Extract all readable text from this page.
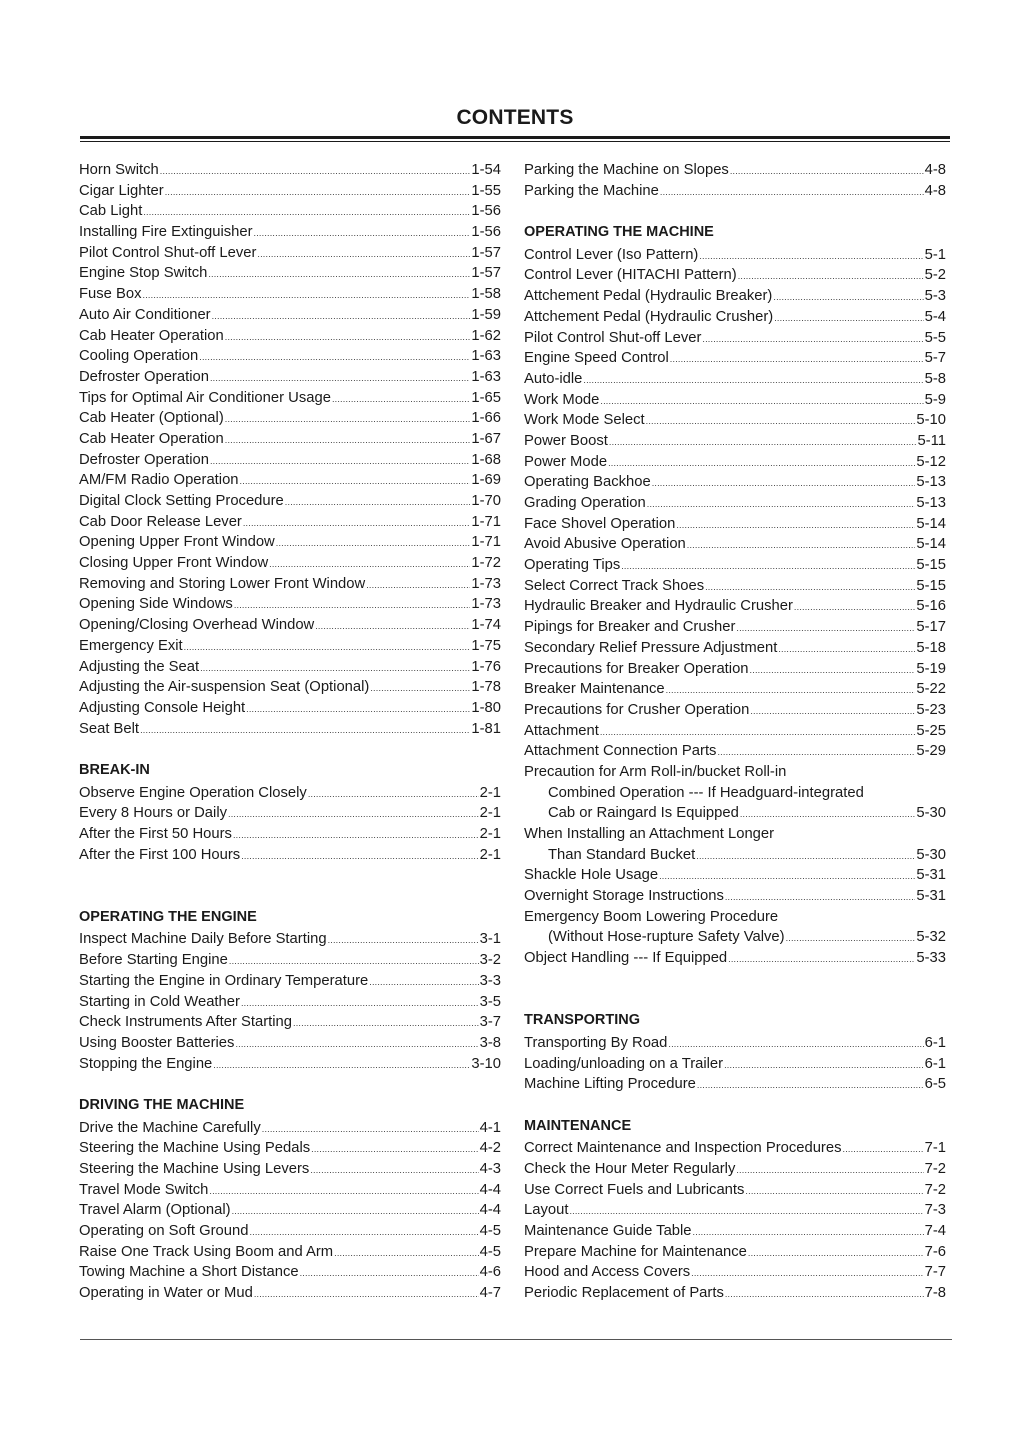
CONTENTS
Horn Switch .....	1-54
Cigar Lighter .....	1-55
Cab Light .....	1-56
Installing Fire Extinguisher .....	1-56
Pilot Control Shut-off Lever .....	1-57
Engine Stop Switch .....	1-57
Fuse Box .....	1-58
Auto Air Conditioner .....	1-59
Cab Heater Operation .....	1-62
Cooling Operation .....	1-63
Defroster Operation .....	1-63
Tips for Optimal Air Conditioner Usage .....	1-65
Cab Heater (Optional) .....	1-66
Cab Heater Operation .....	1-67
Defroster Operation .....	1-68
AM/FM Radio Operation .....	1-69
Digital Clock Setting Procedure .....	1-70
Cab Door Release Lever .....	1-71
Opening Upper Front Window .....	1-71
Closing Upper Front Window .....	1-72
Removing and Storing Lower Front Window .....	1-73
Opening Side Windows .....	1-73
Opening/Closing Overhead Window .....	1-74
Emergency Exit .....	1-75
Adjusting the Seat .....	1-76
Adjusting the Air-suspension Seat (Optional) .....	1-78
Adjusting Console Height .....	1-80
Seat Belt .....	1-81
BREAK-IN
Observe Engine Operation Closely .....	2-1
Every 8 Hours or Daily .....	2-1
After the First 50 Hours .....	2-1
After the First 100 Hours .....	2-1
OPERATING THE ENGINE
Inspect Machine Daily Before Starting .....	3-1
Before Starting Engine .....	3-2
Starting the Engine in Ordinary Temperature .....	3-3
Starting in Cold Weather .....	3-5
Check Instruments After Starting .....	3-7
Using Booster Batteries .....	3-8
Stopping the Engine .....	3-10
DRIVING THE MACHINE
Drive the Machine Carefully .....	4-1
Steering the Machine Using Pedals .....	4-2
Steering the Machine Using Levers .....	4-3
Travel Mode Switch .....	4-4
Travel Alarm (Optional) .....	4-4
Operating on Soft Ground .....	4-5
Raise One Track Using Boom and Arm .....	4-5
Towing Machine a Short Distance .....	4-6
Operating in Water or Mud .....	4-7
Parking the Machine on Slopes .....	4-8
Parking the Machine .....	4-8
OPERATING THE MACHINE
Control Lever (Iso Pattern) .....	5-1
Control Lever (HITACHI Pattern) .....	5-2
Attchement Pedal (Hydraulic Breaker) .....	5-3
Attchement Pedal (Hydraulic Crusher) .....	5-4
Pilot Control Shut-off Lever .....	5-5
Engine Speed Control .....	5-7
Auto-idle .....	5-8
Work Mode .....	5-9
Work Mode Select .....	5-10
Power Boost .....	5-11
Power Mode .....	5-12
Operating Backhoe .....	5-13
Grading Operation .....	5-13
Face Shovel Operation .....	5-14
Avoid Abusive Operation .....	5-14
Operating Tips .....	5-15
Select Correct Track Shoes .....	5-15
Hydraulic Breaker and Hydraulic Crusher .....	5-16
Pipings for Breaker and Crusher .....	5-17
Secondary Relief Pressure Adjustment .....	5-18
Precautions for Breaker Operation .....	5-19
Breaker Maintenance .....	5-22
Precautions for Crusher Operation .....	5-23
Attachment .....	5-25
Attachment Connection Parts .....	5-29
Precaution for Arm Roll-in/bucket Roll-in
Combined Operation --- If Headguard-integrated
Cab or Raingard Is Equipped .....	5-30
When Installing an Attachment Longer
Than Standard Bucket .....	5-30
Shackle Hole Usage .....	5-31
Overnight Storage Instructions .....	5-31
Emergency Boom Lowering Procedure
(Without Hose-rupture Safety Valve) .....	5-32
Object Handling --- If Equipped .....	5-33
TRANSPORTING
Transporting By Road .....	6-1
Loading/unloading on a Trailer .....	6-1
Machine Lifting Procedure .....	6-5
MAINTENANCE
Correct Maintenance and Inspection Procedures .....	7-1
Check the Hour Meter Regularly .....	7-2
Use Correct Fuels and Lubricants .....	7-2
Layout .....	7-3
Maintenance Guide Table .....	7-4
Prepare Machine for Maintenance .....	7-6
Hood and Access Covers .....	7-7
Periodic Replacement of Parts .....	7-8
